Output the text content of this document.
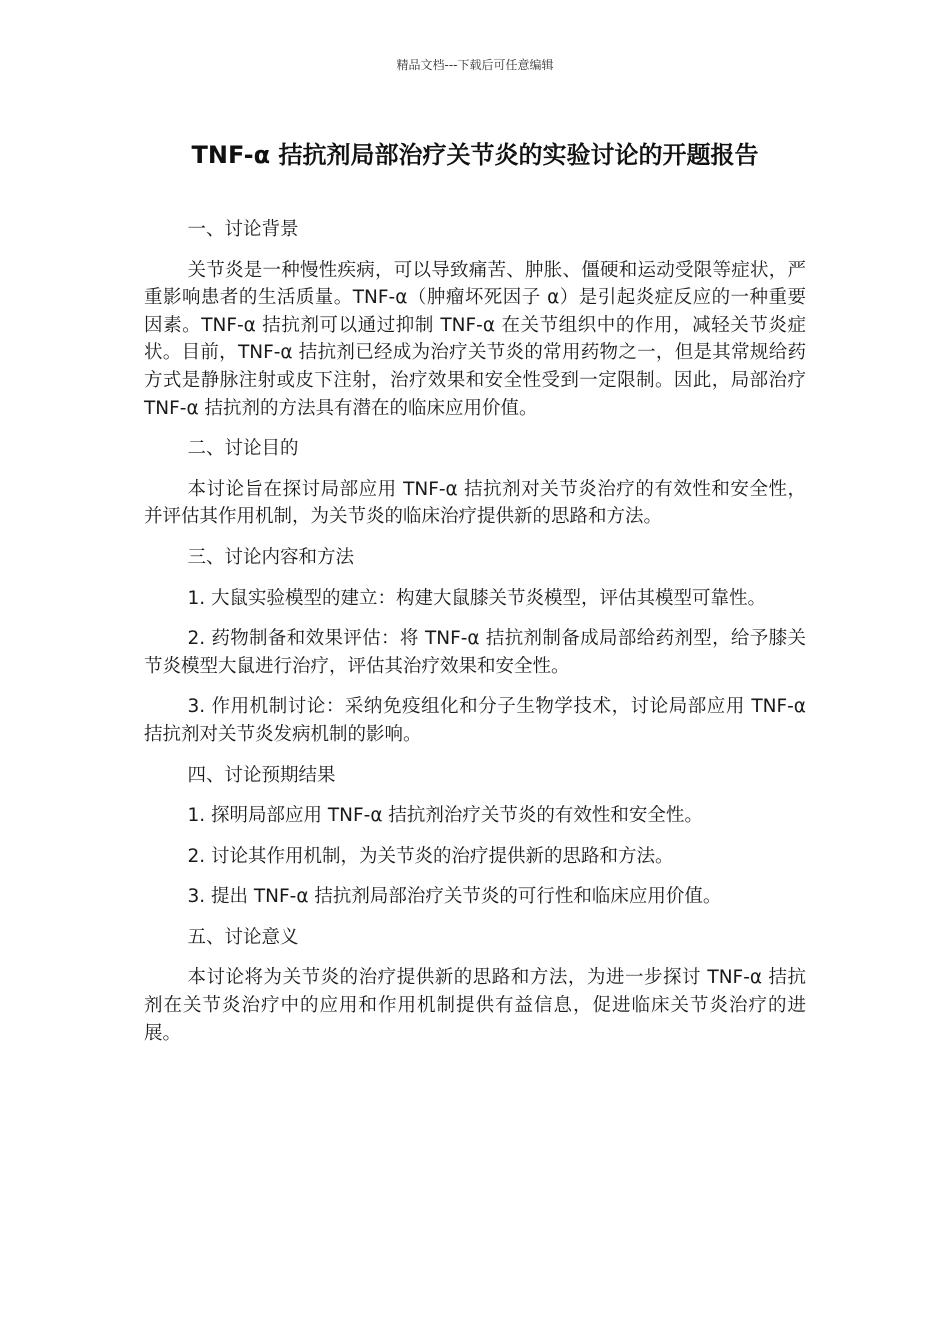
精品文档---下载后可任意编辑
TNF-α 拮抗剂局部治疗关节炎的实验讨论的开题报告

一、讨论背景

关节炎是一种慢性疾病，可以导致痛苦、肿胀、僵硬和运动受限等症状，严重影响患者的生活质量。TNF-α（肿瘤坏死因子 α）是引起炎症反应的一种重要因素。TNF-α 拮抗剂可以通过抑制 TNF-α 在关节组织中的作用，减轻关节炎症状。目前，TNF-α 拮抗剂已经成为治疗关节炎的常用药物之一，但是其常规给药方式是静脉注射或皮下注射，治疗效果和安全性受到一定限制。因此，局部治疗 TNF-α 拮抗剂的方法具有潜在的临床应用价值。

二、讨论目的

本讨论旨在探讨局部应用 TNF-α 拮抗剂对关节炎治疗的有效性和安全性，并评估其作用机制，为关节炎的临床治疗提供新的思路和方法。

三、讨论内容和方法

1. 大鼠实验模型的建立：构建大鼠膝关节炎模型，评估其模型可靠性。

2. 药物制备和效果评估：将 TNF-α 拮抗剂制备成局部给药剂型，给予膝关节炎模型大鼠进行治疗，评估其治疗效果和安全性。

3. 作用机制讨论：采纳免疫组化和分子生物学技术，讨论局部应用 TNF-α 拮抗剂对关节炎发病机制的影响。

四、讨论预期结果

1. 探明局部应用 TNF-α 拮抗剂治疗关节炎的有效性和安全性。

2. 讨论其作用机制，为关节炎的治疗提供新的思路和方法。

3. 提出 TNF-α 拮抗剂局部治疗关节炎的可行性和临床应用价值。

五、讨论意义

本讨论将为关节炎的治疗提供新的思路和方法，为进一步探讨 TNF-α 拮抗剂在关节炎治疗中的应用和作用机制提供有益信息，促进临床关节炎治疗的进展。
